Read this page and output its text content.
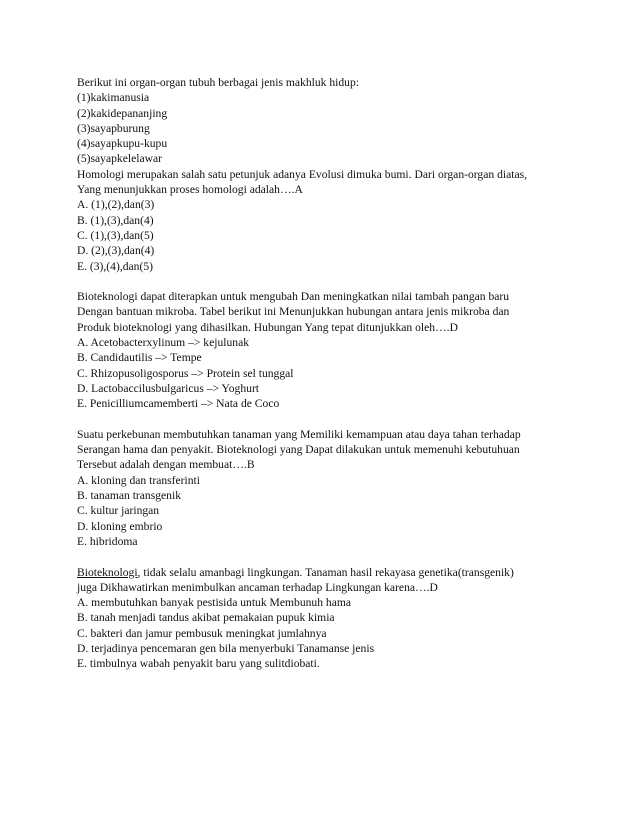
Berikut ini organ-organ tubuh berbagai jenis makhluk hidup:

(1)kakimanusia

(2)kakidepananjing

(3)sayapburung

(4)sayapkupu-kupu

(5)sayapkelelawar

Homologi merupakan salah satu petunjuk adanya Evolusi dimuka bumi. Dari organ-organ diatas,

Yang menunjukkan proses homologi adalah….A

A. (1),(2),dan(3)

B. (1),(3),dan(4)

C. (1),(3),dan(5)

D. (2),(3),dan(4)

E. (3),(4),dan(5)

Bioteknologi dapat diterapkan untuk mengubah Dan meningkatkan nilai tambah pangan baru

Dengan bantuan mikroba. Tabel berikut ini Menunjukkan hubungan antara jenis mikroba dan

Produk bioteknologi yang dihasilkan. Hubungan Yang tepat ditunjukkan oleh….D

A. Acetobacterxylinum –> kejulunak

B. Candidautilis –> Tempe

C. Rhizopusoligosporus –> Protein sel tunggal

D. Lactobaccilusbulgaricus –> Yoghurt

E. Penicilliumcamemberti –> Nata de Coco

Suatu perkebunan membutuhkan tanaman yang Memiliki kemampuan atau daya tahan terhadap

Serangan hama dan penyakit. Bioteknologi yang Dapat dilakukan untuk memenuhi kebutuhuan

Tersebut adalah dengan membuat….B

A. kloning dan transferinti

B. tanaman transgenik

C. kultur jaringan

D. kloning embrio

E. hibridoma

Bioteknologi, tidak selalu amanbagi lingkungan. Tanaman hasil rekayasa genetika(transgenik)

juga Dikhawatirkan menimbulkan ancaman terhadap Lingkungan karena….D

A. membutuhkan banyak pestisida untuk Membunuh hama

B. tanah menjadi tandus akibat pemakaian pupuk kimia

C. bakteri dan jamur pembusuk meningkat jumlahnya

D. terjadinya pencemaran gen bila menyerbuki Tanamanse jenis

E. timbulnya wabah penyakit baru yang sulitdiobati.
